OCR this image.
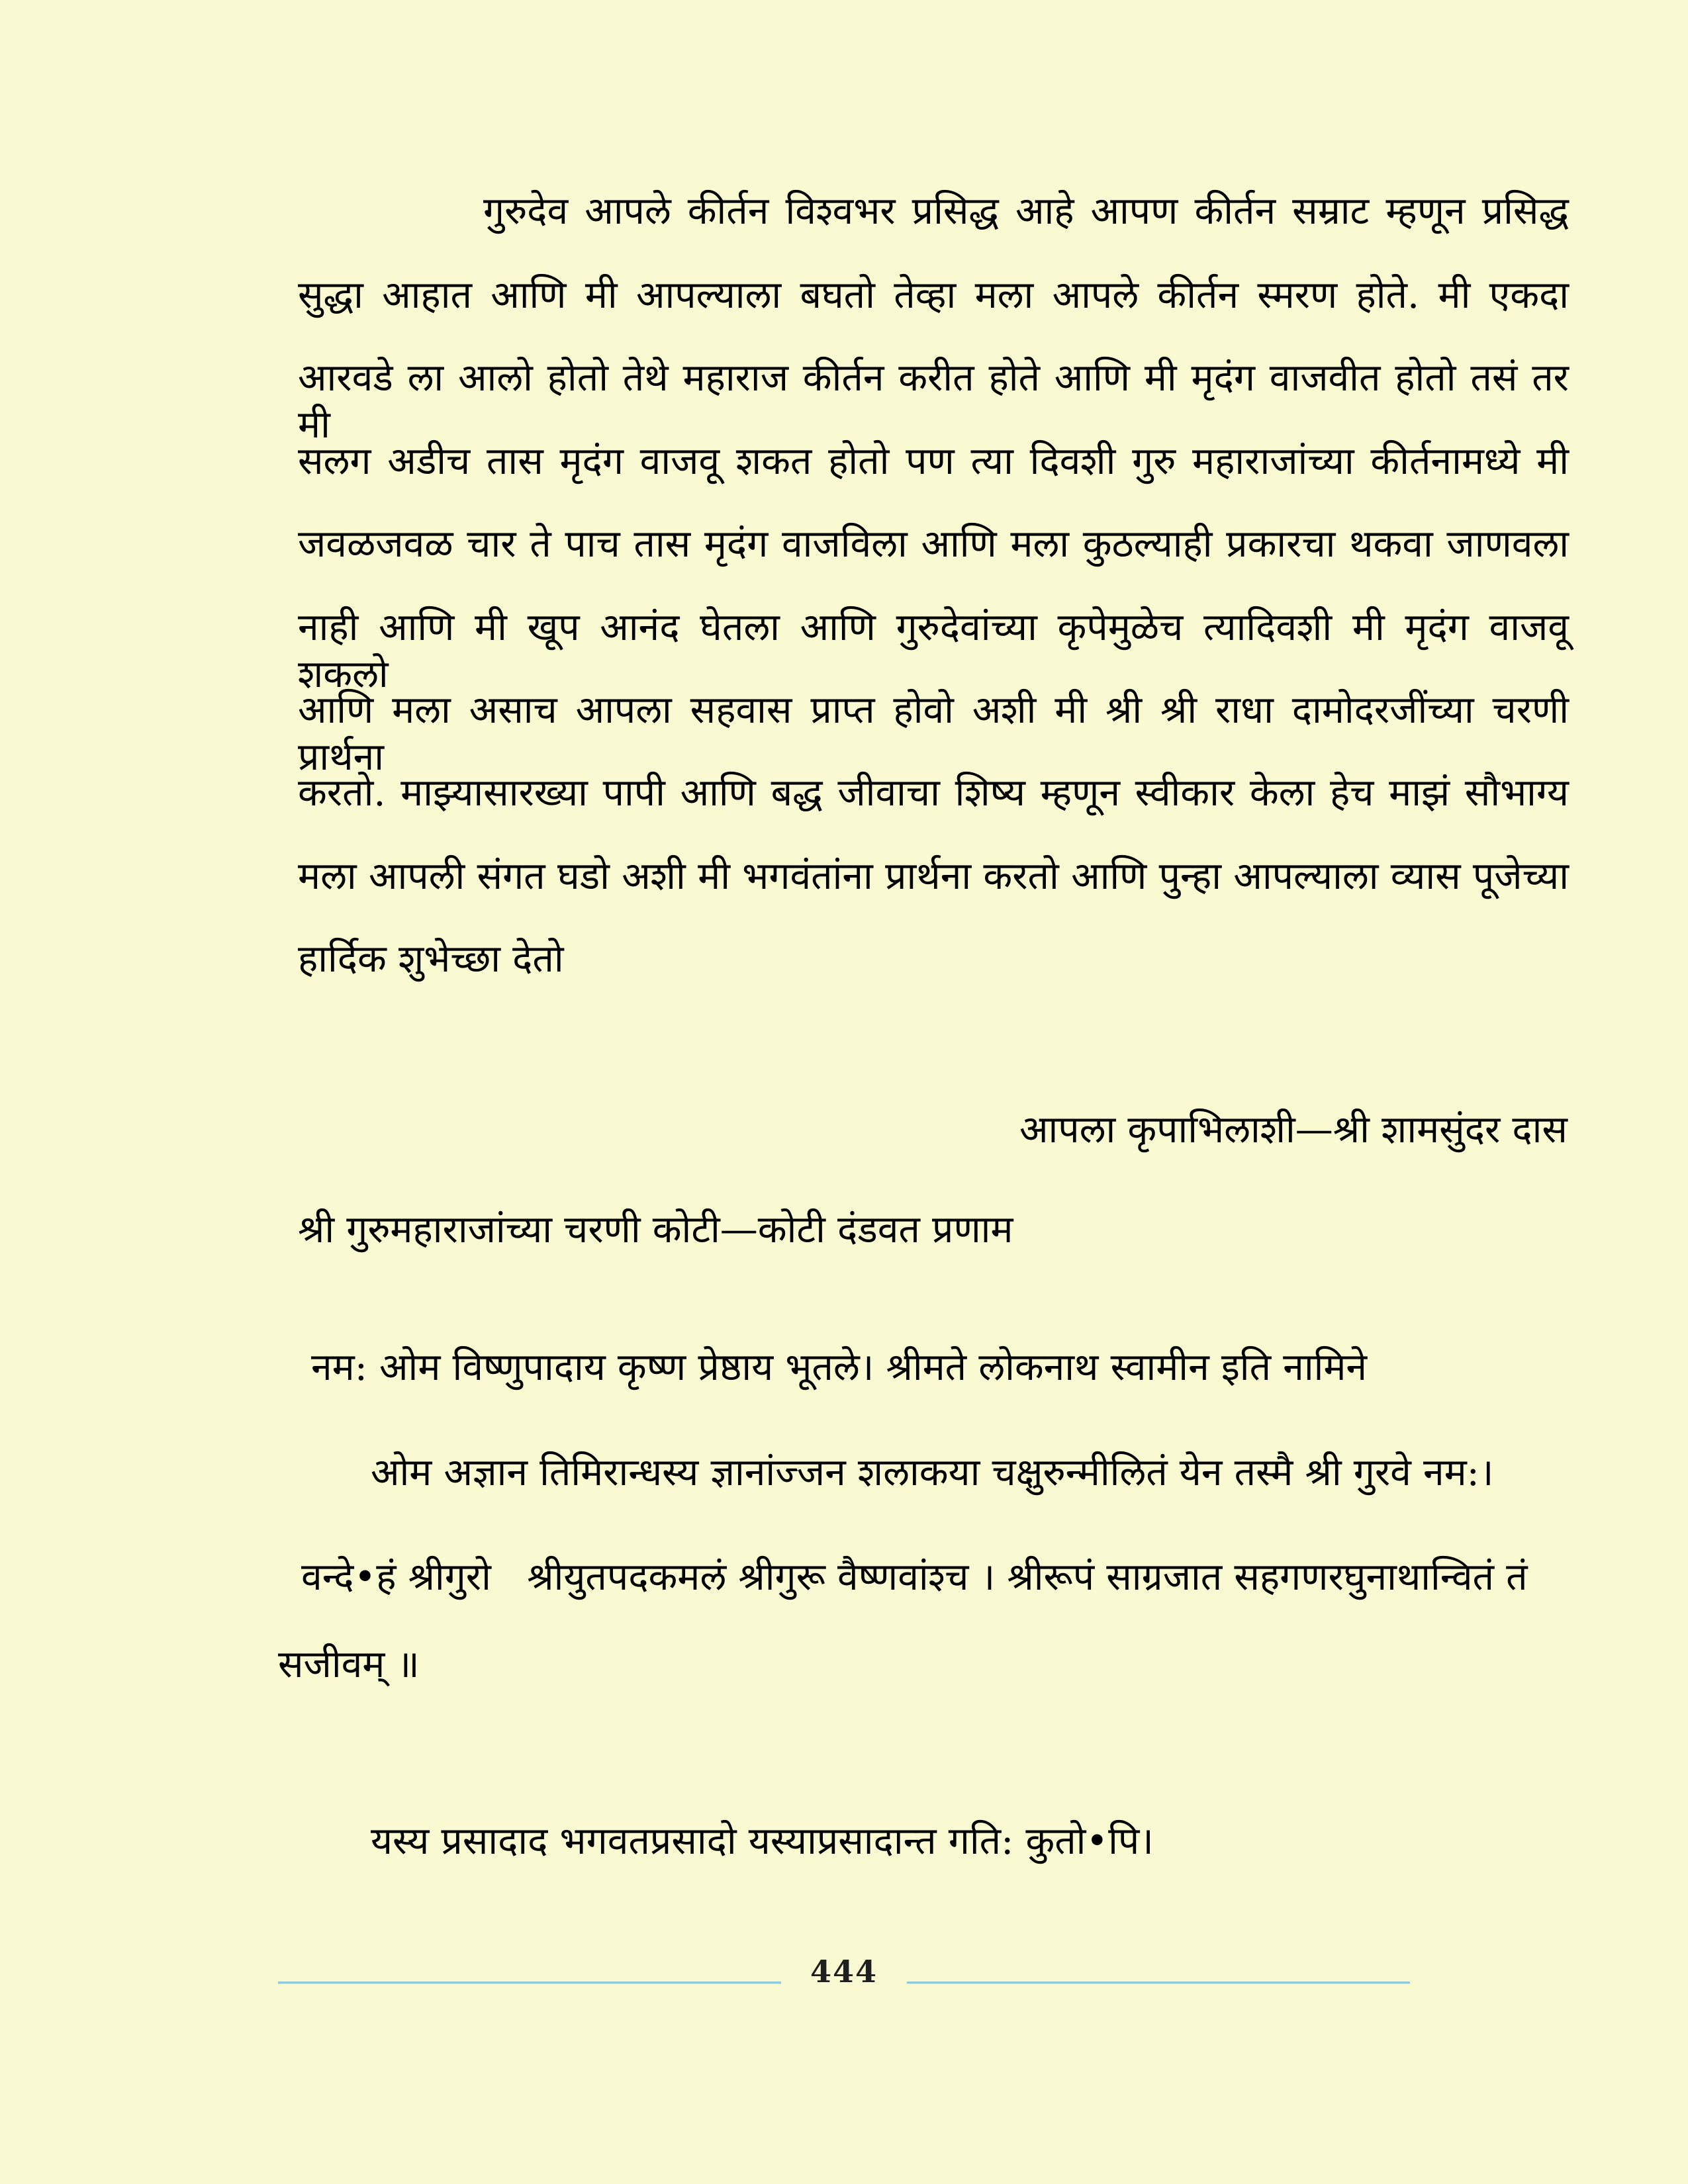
गुरुदेव आपले कीर्तन विश्वभर प्रसिद्ध आहे आपण कीर्तन सम्राट म्हणून प्रसिद्ध
सुद्धा आहात आणि मी आपल्याला बघतो तेव्हा मला आपले कीर्तन स्मरण होते. मी एकदा
आरवडे ला आलो होतो तेथे महाराज कीर्तन करीत होते आणि मी मृदंग वाजवीत होतो तसं तर मी
सलग अडीच तास मृदंग वाजवू शकत होतो पण त्या दिवशी गुरु महाराजांच्या कीर्तनामध्ये मी
जवळजवळ चार ते पाच तास मृदंग वाजविला आणि मला कुठल्याही प्रकारचा थकवा जाणवला
नाही आणि मी खूप आनंद घेतला आणि गुरुदेवांच्या कृपेमुळेच त्यादिवशी मी मृदंग वाजवू शकलो
आणि मला असाच आपला सहवास प्राप्त होवो अशी मी श्री श्री राधा दामोदरजींच्या चरणी प्रार्थना
करतो. माझ्यासारख्या पापी आणि बद्ध जीवाचा शिष्य म्हणून स्वीकार केला हेच माझं सौभाग्य
मला आपली संगत घडो अशी मी भगवंतांना प्रार्थना करतो आणि पुन्हा आपल्याला व्यास पूजेच्या
हार्दिक शुभेच्छा देतो
आपला कृपाभिलाशी—श्री शामसुंदर दास
श्री गुरुमहाराजांच्या चरणी कोटी—कोटी दंडवत प्रणाम
नम: ओम विष्णुपादाय कृष्ण प्रेष्ठाय भूतले। श्रीमते लोकनाथ स्वामीन इति नामिने
ओम अज्ञान तिमिरान्धस्य ज्ञानांज्जन शलाकया चक्षुरुन्मीलितं येन तस्मै श्री गुरवे नम:।
वन्दे•हं श्रीगुरो   श्रीयुतपदकमलं श्रीगुरू वैष्णवांश्च । श्रीरूपं साग्रजात सहगणरघुनाथान्वितं तं
सजीवम् ॥
यस्य प्रसादाद भगवतप्रसादो यस्याप्रसादान्त गति: कुतो•पि।
444
